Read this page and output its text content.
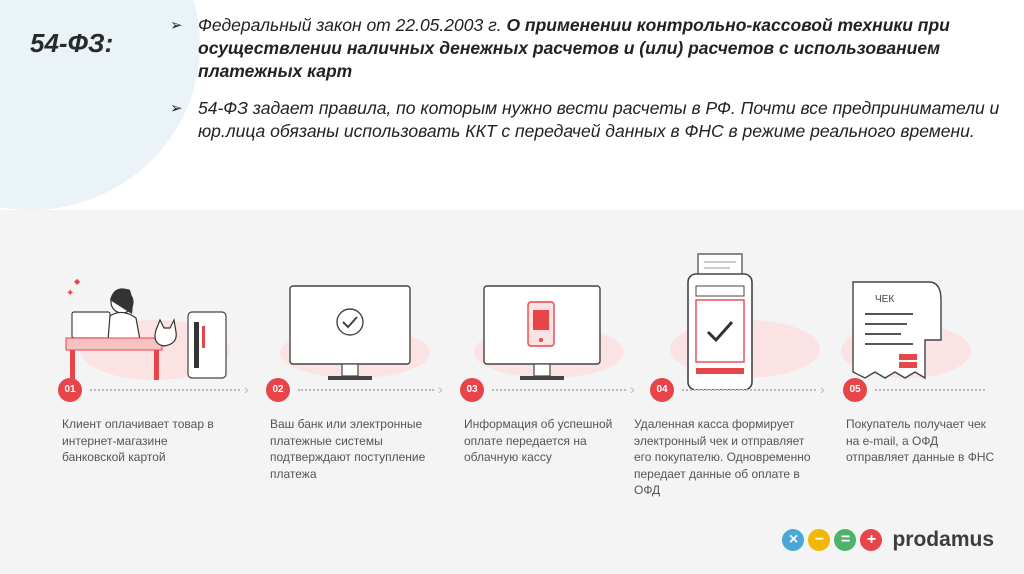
54-ФЗ:
➢ Федеральный закон от 22.05.2003 г. О применении контрольно-кассовой техники при осуществлении наличных денежных расчетов и (или) расчетов с использованием платежных карт
➢ 54-ФЗ задает правила, по которым нужно вести расчеты в РФ. Почти все предприниматели и юр.лица обязаны использовать ККТ с передачей данных в ФНС в режиме реального времени.
✦
◆
ЧЕК
01	›	02	›	03	›	04	›	05
Клиент оплачивает товар в интернет-магазине банковской картой
Ваш банк или электронные платежные системы подтверждают поступление платежа
Информация об успешной оплате передается на облачную кассу
Удаленная касса формирует электронный чек и отправляет его покупателю. Одновременно передает данные об оплате в ОФД
Покупатель получает чек на e-mail, а ОФД отправляет данные в ФНС
×	−	=	+ prodamus
